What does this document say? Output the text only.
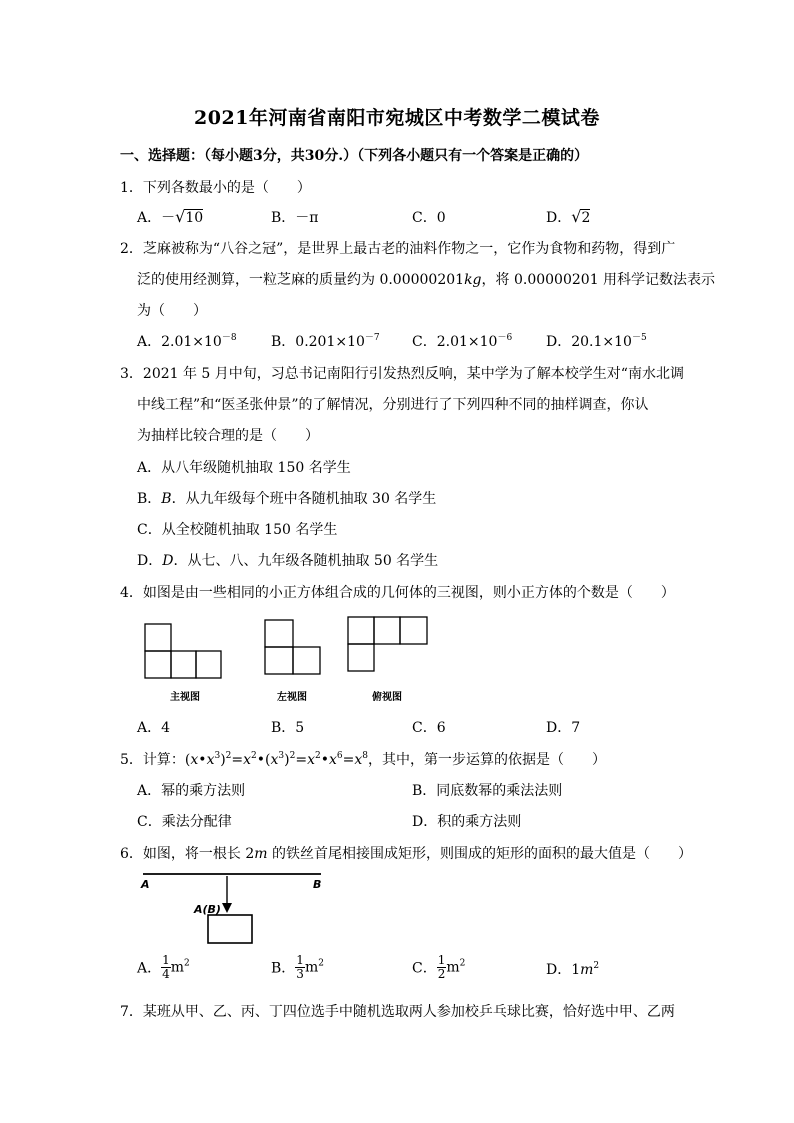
2021年河南省南阳市宛城区中考数学二模试卷
一、选择题：（每小题3分，共30分.）（下列各小题只有一个答案是正确的）
1．下列各数最小的是（　　）
A．－√10	B．－π	C．0	D．√2
2．芝麻被称为“八谷之冠”，是世界上最古老的油料作物之一，它作为食物和药物，得到广
泛的使用经测算，一粒芝麻的质量约为 0.00000201kg，将 0.00000201 用科学记数法表示
为（　　）
A．$2.01\times 10^{-8}$ B．$0.201\times 10^{-7}$ C．$2.01\times 10^{-6}$ D．$20.1\times 10^{-5}$
3．2021 年 5 月中旬，习总书记南阳行引发热烈反响，某中学为了解本校学生对“南水北调
中线工程”和“医圣张仲景”的了解情况，分别进行了下列四种不同的抽样调查，你认
为抽样比较合理的是（　　）
A．从八年级随机抽取 150 名学生
B．B．从九年级每个班中各随机抽取 30 名学生
C．从全校随机抽取 150 名学生
D．D．从七、八、九年级各随机抽取 50 名学生
4．如图是由一些相同的小正方体组合成的几何体的三视图，则小正方体的个数是（　　）
主视图	左视图	俯视图
A．4	B．5	C．6	D．7
5．计算：$(x•x^3)^2=x^2•(x^3)^2=x^2•x^6=x^8$，其中，第一步运算的依据是（　　）
A．幂的乘方法则	B．同底数幂的乘法法则
C．乘法分配律	D．积的乘方法则
6．如图，将一根长 2m 的铁丝首尾相接围成矩形，则围成的矩形的面积的最大值是（　　）
A	B
A(B)
A． $\frac{1}{4} m^2$	B． $\frac{1}{3} m^2$	C． $\frac{1}{2} m^2$	D．$1m^2$
7．某班从甲、乙、丙、丁四位选手中随机选取两人参加校乒乓球比赛，恰好选中甲、乙两
